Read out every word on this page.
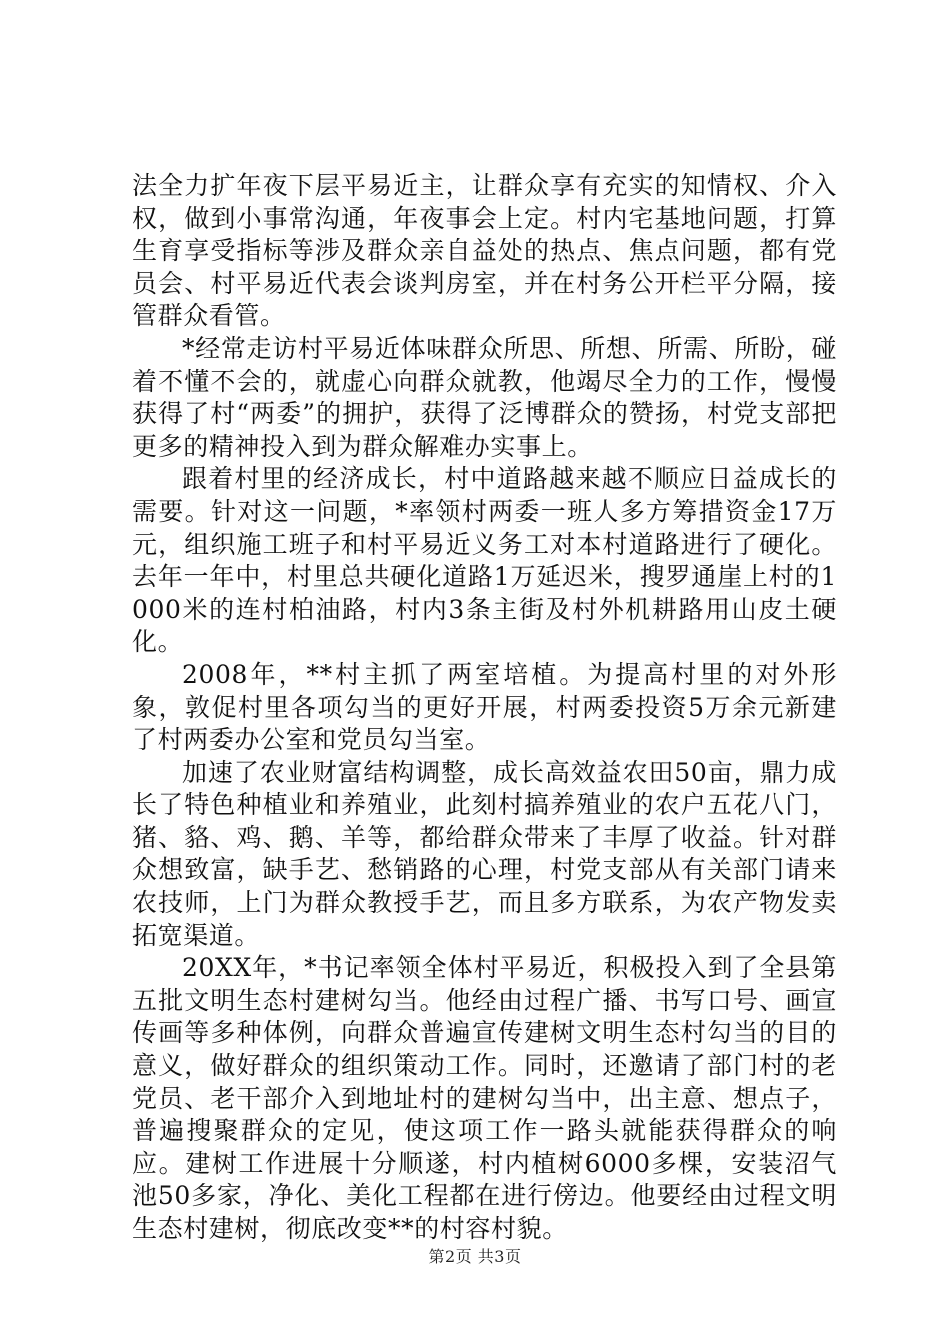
法全力扩年夜下层平易近主，让群众享有充实的知情权、介入权，做到小事常沟通，年夜事会上定。村内宅基地问题，打算生育享受指标等涉及群众亲自益处的热点、焦点问题，都有党员会、村平易近代表会谈判房室，并在村务公开栏平分隔，接管群众看管。

*经常走访村平易近体味群众所思、所想、所需、所盼，碰着不懂不会的，就虚心向群众就教，他竭尽全力的工作，慢慢获得了村“两委”的拥护，获得了泛博群众的赞扬，村党支部把更多的精神投入到为群众解难办实事上。

跟着村里的经济成长，村中道路越来越不顺应日益成长的需要。针对这一问题，*率领村两委一班人多方筹措资金17万元，组织施工班子和村平易近义务工对本村道路进行了硬化。去年一年中，村里总共硬化道路1万延迟米，搜罗通崖上村的1000米的连村柏油路，村内3条主街及村外机耕路用山皮土硬化。

2008年，**村主抓了两室培植。为提高村里的对外形象，敦促村里各项勾当的更好开展，村两委投资5万余元新建了村两委办公室和党员勾当室。

加速了农业财富结构调整，成长高效益农田50亩，鼎力成长了特色种植业和养殖业，此刻村搞养殖业的农户五花八门，猪、貉、鸡、鹅、羊等，都给群众带来了丰厚了收益。针对群众想致富，缺手艺、愁销路的心理，村党支部从有关部门请来农技师，上门为群众教授手艺，而且多方联系，为农产物发卖拓宽渠道。

20XX年，*书记率领全体村平易近，积极投入到了全县第五批文明生态村建树勾当。他经由过程广播、书写口号、画宣传画等多种体例，向群众普遍宣传建树文明生态村勾当的目的意义，做好群众的组织策动工作。同时，还邀请了部门村的老党员、老干部介入到地址村的建树勾当中，出主意、想点子，普遍搜聚群众的定见，使这项工作一路头就能获得群众的响应。建树工作进展十分顺遂，村内植树6000多棵，安装沼气池50多家，净化、美化工程都在进行傍边。他要经由过程文明生态村建树，彻底改变**的村容村貌。

第2页 共3页
